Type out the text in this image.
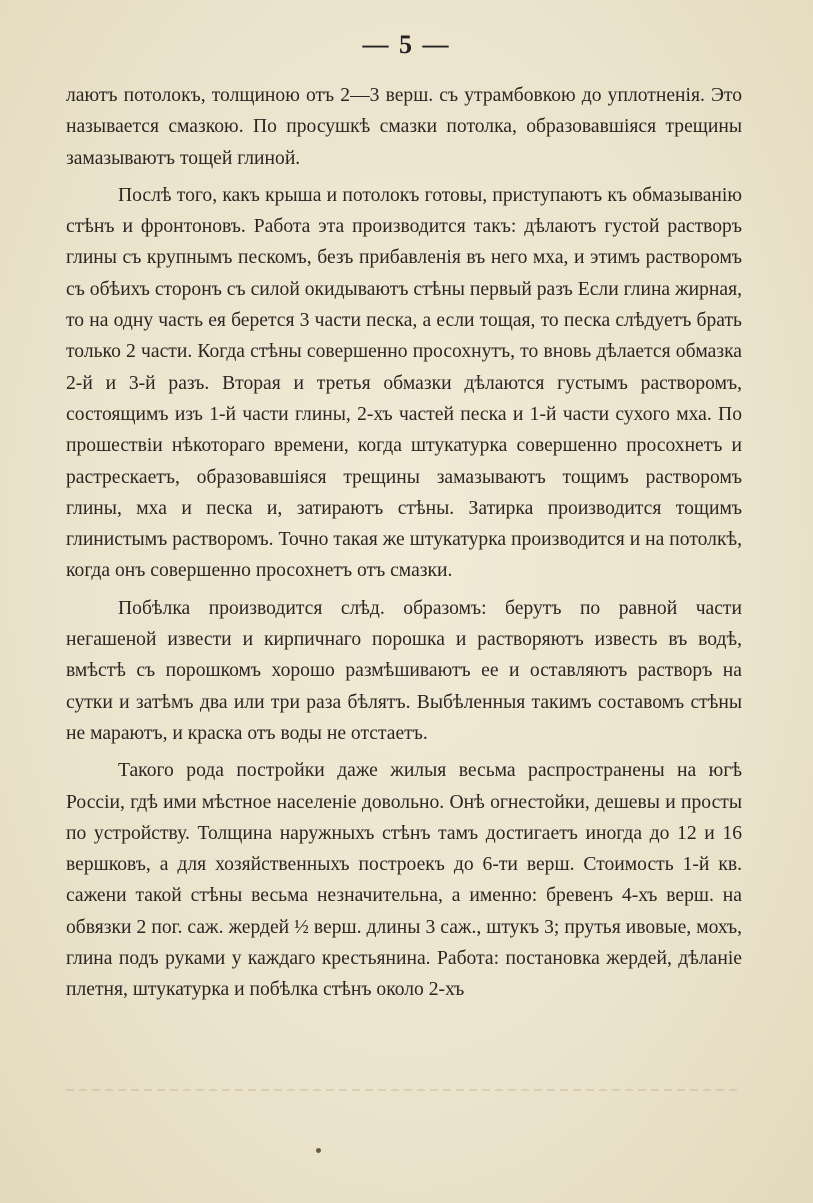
— 5 —

лаютъ потолокъ, толщиною отъ 2—3 верш. съ утрамбовкою до уплотненія. Это называется смазкою. По просушкѣ смазки потолка, образовавшіяся трещины замазываютъ тощей глиной.

Послѣ того, какъ крыша и потолокъ готовы, приступаютъ къ обмазыванію стѣнъ и фронтоновъ. Работа эта производится такъ: дѣлаютъ густой растворъ глины съ крупнымъ пескомъ, безъ прибавленія въ него мха, и этимъ растворомъ съ обѣихъ сторонъ съ силой окидываютъ стѣны первый разъ Если глина жирная, то на одну часть ея берется 3 части песка, а если тощая, то песка слѣдуетъ брать только 2 части. Когда стѣны совершенно просохнутъ, то вновь дѣлается обмазка 2-й и 3-й разъ. Вторая и третья обмазки дѣлаются густымъ растворомъ, состоящимъ изъ 1-й части глины, 2-хъ частей песка и 1-й части сухого мха. По прошествіи нѣкотораго времени, когда штукатурка совершенно просохнетъ и растрескаетъ, образовавшіяся трещины замазываютъ тощимъ растворомъ глины, мха и песка и, затираютъ стѣны. Затирка производится тощимъ глинистымъ растворомъ. Точно такая же штукатурка производится и на потолкѣ, когда онъ совершенно просохнетъ отъ смазки.

Побѣлка производится слѣд. образомъ: берутъ по равной части негашеной извести и кирпичнаго порошка и растворяютъ известь въ водѣ, вмѣстѣ съ порошкомъ хорошо размѣшиваютъ ее и оставляютъ растворъ на сутки и затѣмъ два или три раза бѣлятъ. Выбѣленныя такимъ составомъ стѣны не мараютъ, и краска отъ воды не отстаетъ.

Такого рода постройки даже жилыя весьма распространены на югѣ Россіи, гдѣ ими мѣстное населеніе довольно. Онѣ огнестойки, дешевы и просты по устройству. Толщина наружныхъ стѣнъ тамъ достигаетъ иногда до 12 и 16 вершковъ, а для хозяйственныхъ построекъ до 6-ти верш. Стоимость 1-й кв. сажени такой стѣны весьма незначительна, а именно: бревенъ 4-хъ верш. на обвязки 2 пог. саж. жердей ½ верш. длины 3 саж., штукъ 3; прутья ивовые, мохъ, глина подъ руками у каждаго крестьянина. Работа: постановка жердей, дѣланіе плетня, штукатурка и побѣлка стѣнъ около 2-хъ
